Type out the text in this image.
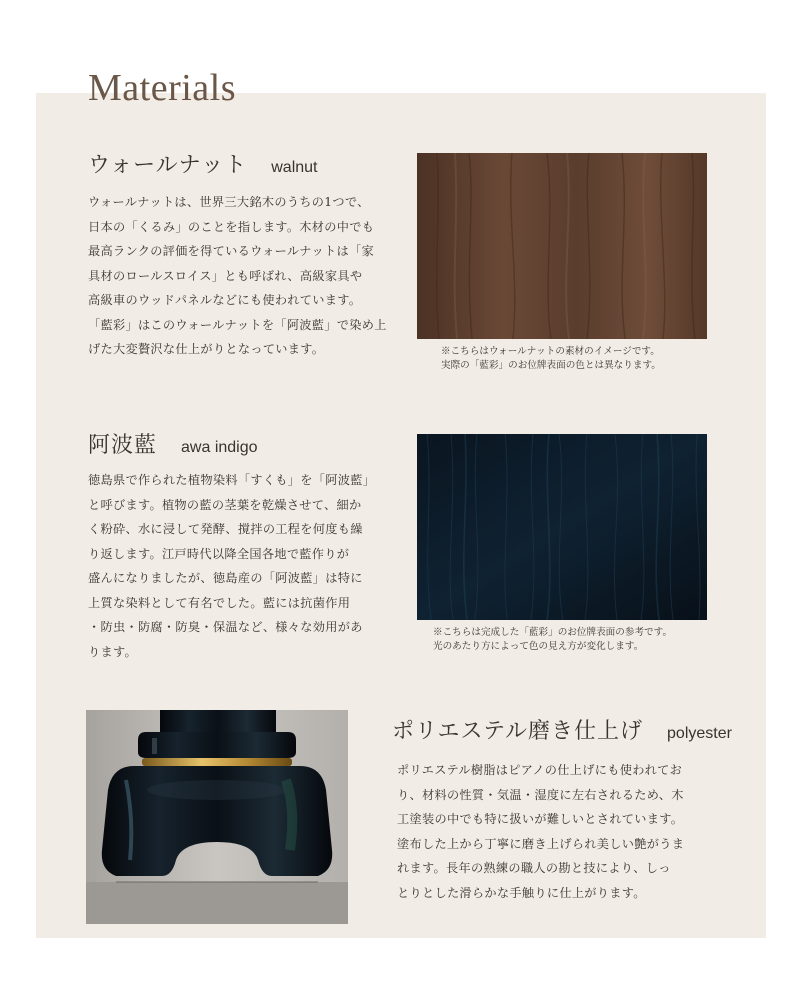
Materials
ウォールナット walnut

ウォールナットは、世界三大銘木のうちの1つで、
日本の「くるみ」のことを指します。木材の中でも
最高ランクの評価を得ているウォールナットは「家
具材のロールスロイス」とも呼ばれ、高級家具や
高級車のウッドパネルなどにも使われています。
「藍彩」はこのウォールナットを「阿波藍」で染め上
げた大変贅沢な仕上がりとなっています。	※こちらはウォールナットの素材のイメージです。
実際の「藍彩」のお位牌表面の色とは異なります。

阿波藍 awa indigo

徳島県で作られた植物染料「すくも」を「阿波藍」
と呼びます。植物の藍の茎葉を乾燥させて、細か
く粉砕、水に浸して発酵、撹拌の工程を何度も繰
り返します。江戸時代以降全国各地で藍作りが
盛んになりましたが、徳島産の「阿波藍」は特に
上質な染料として有名でした。藍には抗菌作用
・防虫・防腐・防臭・保温など、様々な効用があ
ります。

※こちらは完成した「藍彩」のお位牌表面の参考です。
光のあたり方によって色の見え方が変化します。

ポリエステル磨き仕上げ polyester

ポリエステル樹脂はピアノの仕上げにも使われてお
り、材料の性質・気温・湿度に左右されるため、木
工塗装の中でも特に扱いが難しいとされています。
塗布した上から丁寧に磨き上げられ美しい艶がうま
れます。長年の熟練の職人の勘と技により、しっ
とりとした滑らかな手触りに仕上がります。
